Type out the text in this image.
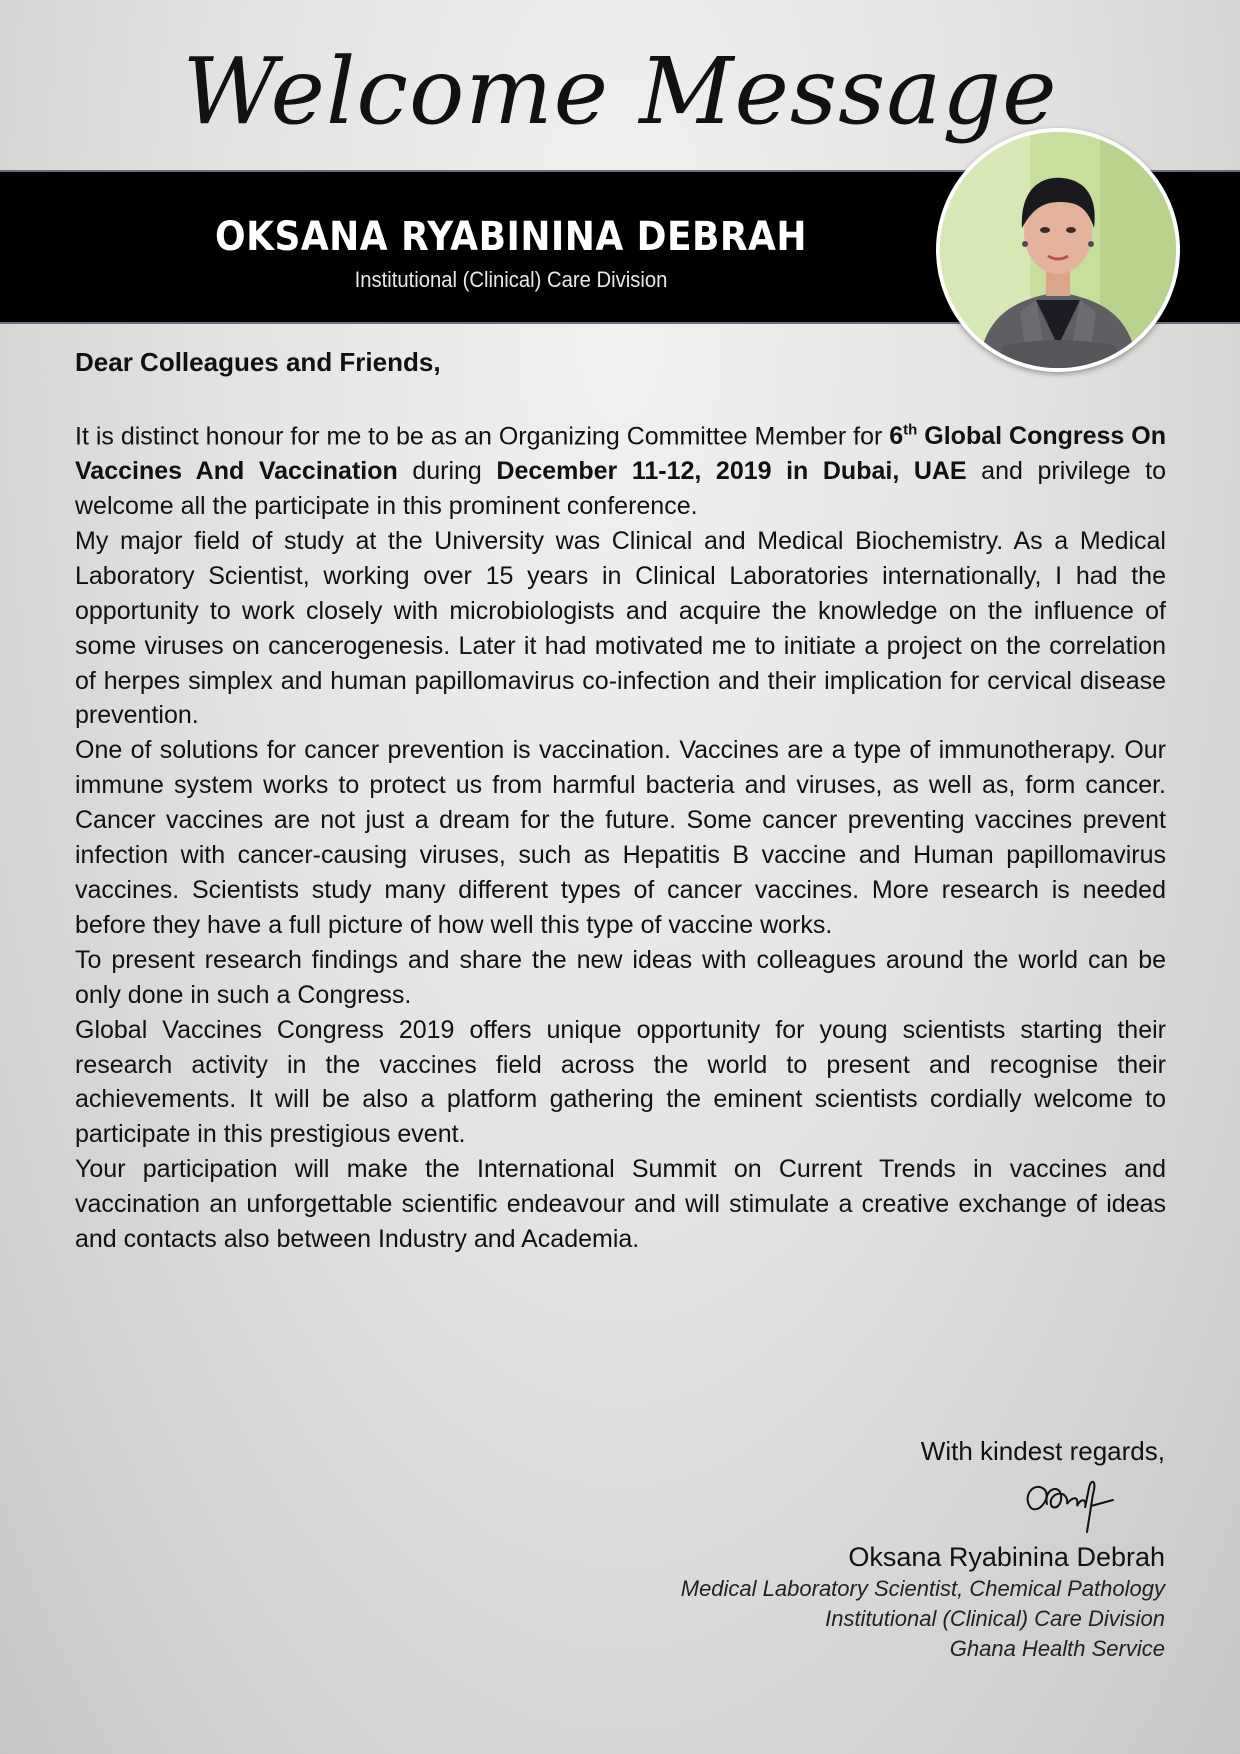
Welcome Message
OKSANA RYABININA DEBRAH
Institutional (Clinical) Care Division
Dear Colleagues and Friends,

It is distinct honour for me to be as an Organizing Committee Member for 6th Global Congress On Vaccines And Vaccination during December 11-12, 2019 in Dubai, UAE and privilege to welcome all the participate in this prominent conference.

My major field of study at the University was Clinical and Medical Biochemistry. As a Medical Laboratory Scientist, working over 15 years in Clinical Laboratories internationally, I had the opportunity to work closely with microbiologists and acquire the knowledge on the influence of some viruses on cancerogenesis. Later it had motivated me to initiate a project on the correlation of herpes simplex and human papillomavirus co-infection and their implication for cervical disease prevention.

One of solutions for cancer prevention is vaccination. Vaccines are a type of immunotherapy. Our immune system works to protect us from harmful bacteria and viruses, as well as, form cancer. Cancer vaccines are not just a dream for the future. Some cancer preventing vaccines prevent infection with cancer-causing viruses, such as Hepatitis B vaccine and Human papillomavirus vaccines. Scientists study many different types of cancer vaccines. More research is needed before they have a full picture of how well this type of vaccine works.

To present research findings and share the new ideas with colleagues around the world can be only done in such a Congress.

Global Vaccines Congress 2019 offers unique opportunity for young scientists starting their research activity in the vaccines field across the world to present and recognise their achievements. It will be also a platform gathering the eminent scientists cordially welcome to participate in this prestigious event.

Your participation will make the International Summit on Current Trends in vaccines and vaccination an unforgettable scientific endeavour and will stimulate a creative exchange of ideas and contacts also between Industry and Academia.

With kindest regards,
Oksana Ryabinina Debrah
Medical Laboratory Scientist, Chemical Pathology
Institutional (Clinical) Care Division
Ghana Health Service
